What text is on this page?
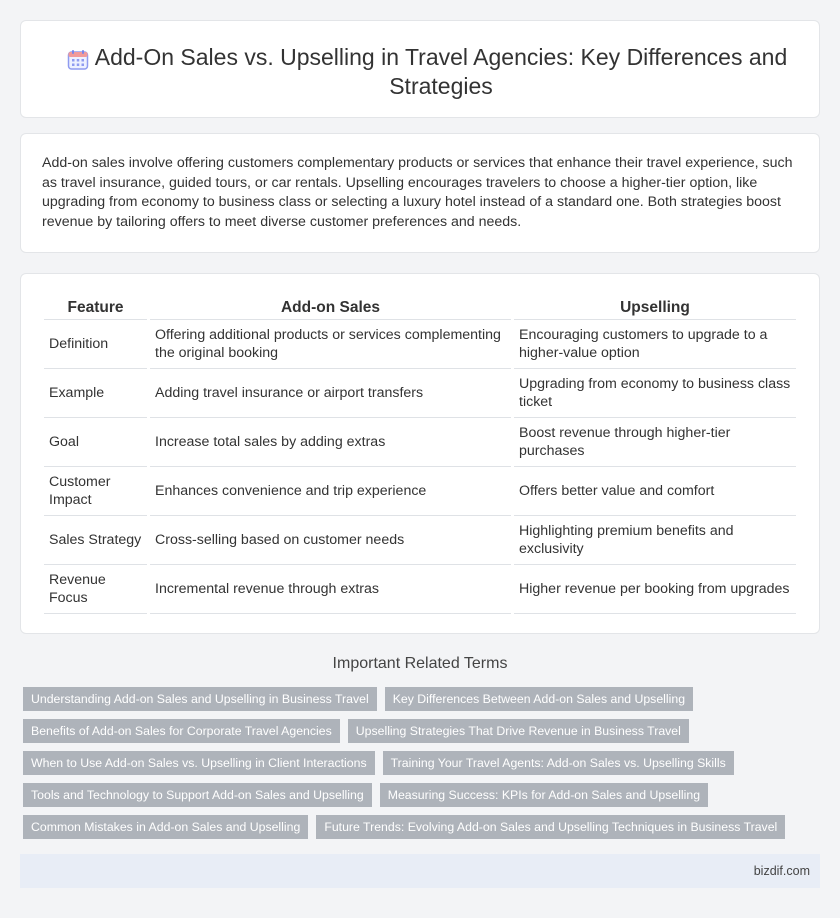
Add-On Sales vs. Upselling in Travel Agencies: Key Differences and Strategies

Add-on sales involve offering customers complementary products or services that enhance their travel experience, such as travel insurance, guided tours, or car rentals. Upselling encourages travelers to choose a higher-tier option, like upgrading from economy to business class or selecting a luxury hotel instead of a standard one. Both strategies boost revenue by tailoring offers to meet diverse customer preferences and needs.

Feature	Add-on Sales	Upselling
Definition	Offering additional products or services complementing the original booking	Encouraging customers to upgrade to a higher-value option
Example	Adding travel insurance or airport transfers	Upgrading from economy to business class ticket
Goal	Increase total sales by adding extras	Boost revenue through higher-tier purchases
Customer Impact	Enhances convenience and trip experience	Offers better value and comfort
Sales Strategy	Cross-selling based on customer needs	Highlighting premium benefits and exclusivity
Revenue Focus	Incremental revenue through extras	Higher revenue per booking from upgrades
Important Related Terms
Understanding Add-on Sales and Upselling in Business Travel	Key Differences Between Add-on Sales and Upselling
Benefits of Add-on Sales for Corporate Travel Agencies	Upselling Strategies That Drive Revenue in Business Travel
When to Use Add-on Sales vs. Upselling in Client Interactions	Training Your Travel Agents: Add-on Sales vs. Upselling Skills
Tools and Technology to Support Add-on Sales and Upselling	Measuring Success: KPIs for Add-on Sales and Upselling
Common Mistakes in Add-on Sales and Upselling	Future Trends: Evolving Add-on Sales and Upselling Techniques in Business Travel
bizdif.com
